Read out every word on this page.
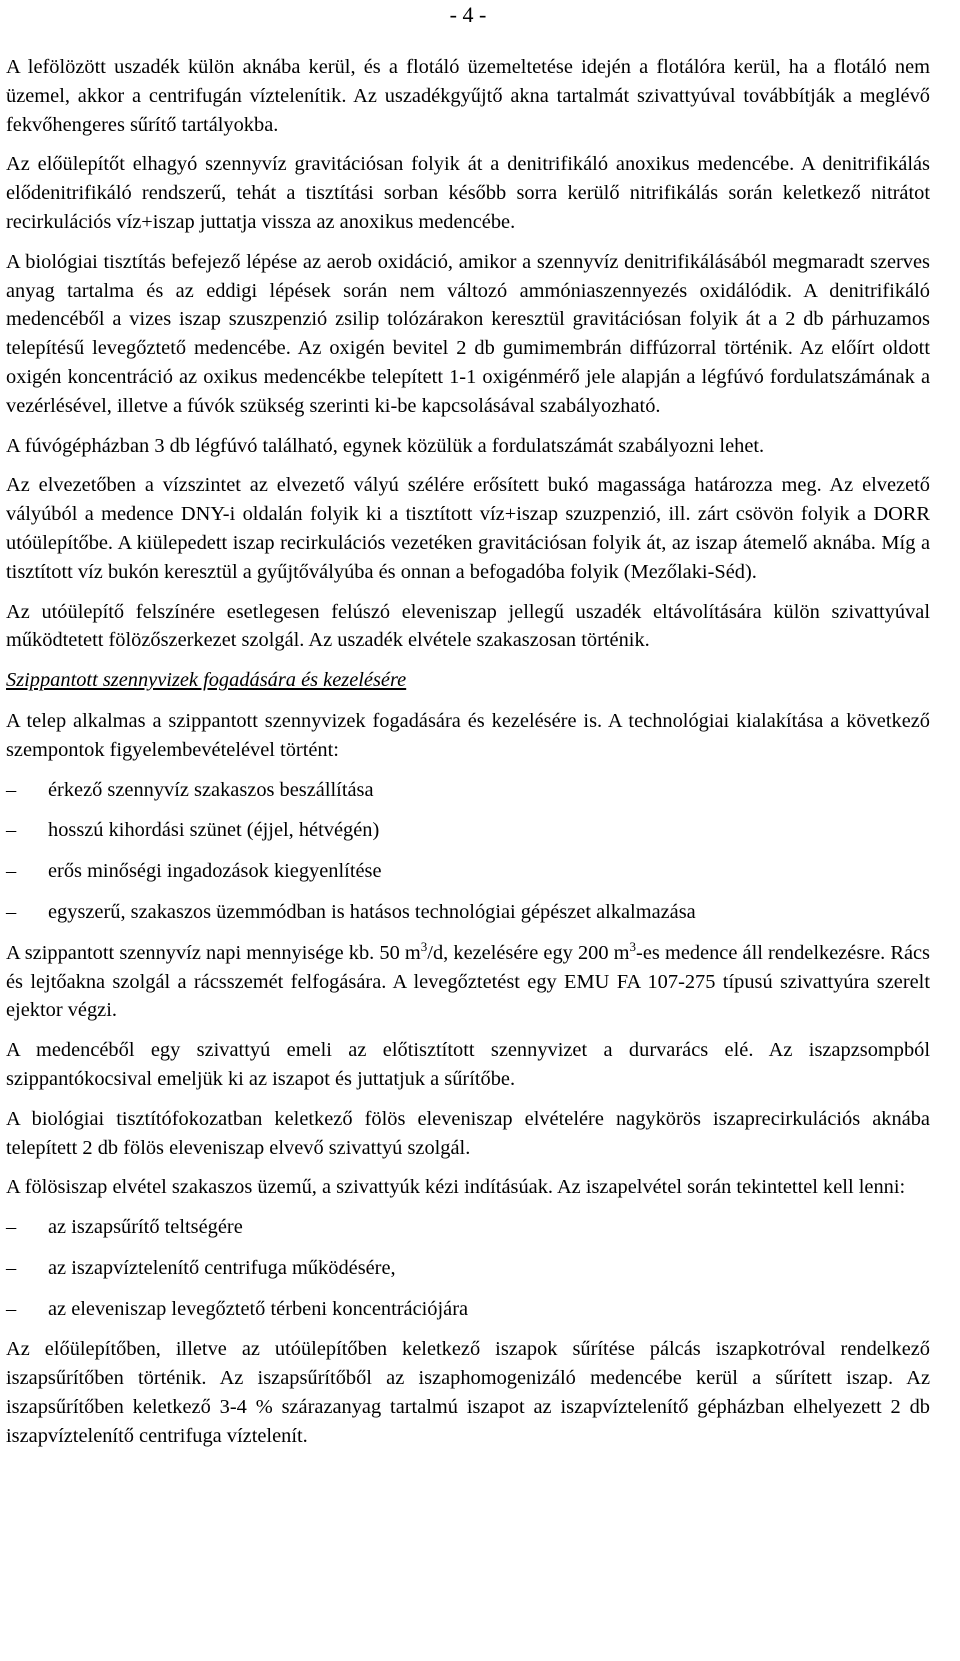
- 4 -

A lefölözött uszadék külön aknába kerül, és a flotáló üzemeltetése idején a flotálóra kerül, ha a flotáló nem üzemel, akkor a centrifugán víztelenítik. Az uszadékgyűjtő akna tartalmát szivattyúval továbbítják a meglévő fekvőhengeres sűrítő tartályokba.

Az előülepítőt elhagyó szennyvíz gravitációsan folyik át a denitrifikáló anoxikus medencébe. A denitrifikálás elődenitrifikáló rendszerű, tehát a tisztítási sorban később sorra kerülő nitrifikálás során keletkező nitrátot recirkulációs víz+iszap juttatja vissza az anoxikus medencébe.

A biológiai tisztítás befejező lépése az aerob oxidáció, amikor a szennyvíz denitrifikálásából megmaradt szerves anyag tartalma és az eddigi lépések során nem változó ammóniaszennyezés oxidálódik. A denitrifikáló medencéből a vizes iszap szuszpenzió zsilip tolózárakon keresztül gravitációsan folyik át a 2 db párhuzamos telepítésű levegőztető medencébe. Az oxigén bevitel 2 db gumimembrán diffúzorral történik. Az előírt oldott oxigén koncentráció az oxikus medencékbe telepített 1-1 oxigénmérő jele alapján a légfúvó fordulatszámának a vezérlésével, illetve a fúvók szükség szerinti ki-be kapcsolásával szabályozható.

A fúvógépházban 3 db légfúvó található, egynek közülük a fordulatszámát szabályozni lehet.

Az elvezetőben a vízszintet az elvezető vályú szélére erősített bukó magassága határozza meg. Az elvezető vályúból a medence DNY-i oldalán folyik ki a tisztított víz+iszap szuzpenzió, ill. zárt csövön folyik a DORR utóülepítőbe. A kiülepedett iszap recirkulációs vezetéken gravitációsan folyik át, az iszap átemelő aknába. Míg a tisztított víz bukón keresztül a gyűjtővályúba és onnan a befogadóba folyik (Mezőlaki-Séd).

Az utóülepítő felszínére esetlegesen felúszó eleveniszap jellegű uszadék eltávolítására külön szivattyúval működtetett fölözőszerkezet szolgál. Az uszadék elvétele szakaszosan történik.

Szippantott szennyvizek fogadására és kezelésére

A telep alkalmas a szippantott szennyvizek fogadására és kezelésére is. A technológiai kialakítása a következő szempontok figyelembevételével történt:

– érkező szennyvíz szakaszos beszállítása
– hosszú kihordási szünet (éjjel, hétvégén)
– erős minőségi ingadozások kiegyenlítése
– egyszerű, szakaszos üzemmódban is hatásos technológiai gépészet alkalmazása

A szippantott szennyvíz napi mennyisége kb. 50 $m^3/d$, kezelésére egy 200 $m^3-es$ medence áll rendelkezésre. Rács és lejtőakna szolgál a rácsszemét felfogására. A levegőztetést egy EMU FA 107-275 típusú szivattyúra szerelt ejektor végzi.

A medencéből egy szivattyú emeli az előtisztított szennyvizet a durvarács elé. Az iszapzsompból szippantókocsival emeljük ki az iszapot és juttatjuk a sűrítőbe.

A biológiai tisztítófokozatban keletkező fölös eleveniszap elvételére nagykörös iszaprecirkulációs aknába telepített 2 db fölös eleveniszap elvevő szivattyú szolgál.

A fölösiszap elvétel szakaszos üzemű, a szivattyúk kézi indításúak. Az iszapelvétel során tekintettel kell lenni:

– az iszapsűrítő teltségére
– az iszapvíztelenítő centrifuga működésére,
– az eleveniszap levegőztető térbeni koncentrációjára

Az előülepítőben, illetve az utóülepítőben keletkező iszapok sűrítése pálcás iszapkotróval rendelkező iszapsűrítőben történik. Az iszapsűrítőből az iszaphomogenizáló medencébe kerül a sűrített iszap. Az iszapsűrítőben keletkező 3-4 % szárazanyag tartalmú iszapot az iszapvíztelenítő gépházban elhelyezett 2 db iszapvíztelenítő centrifuga víztelenít.
